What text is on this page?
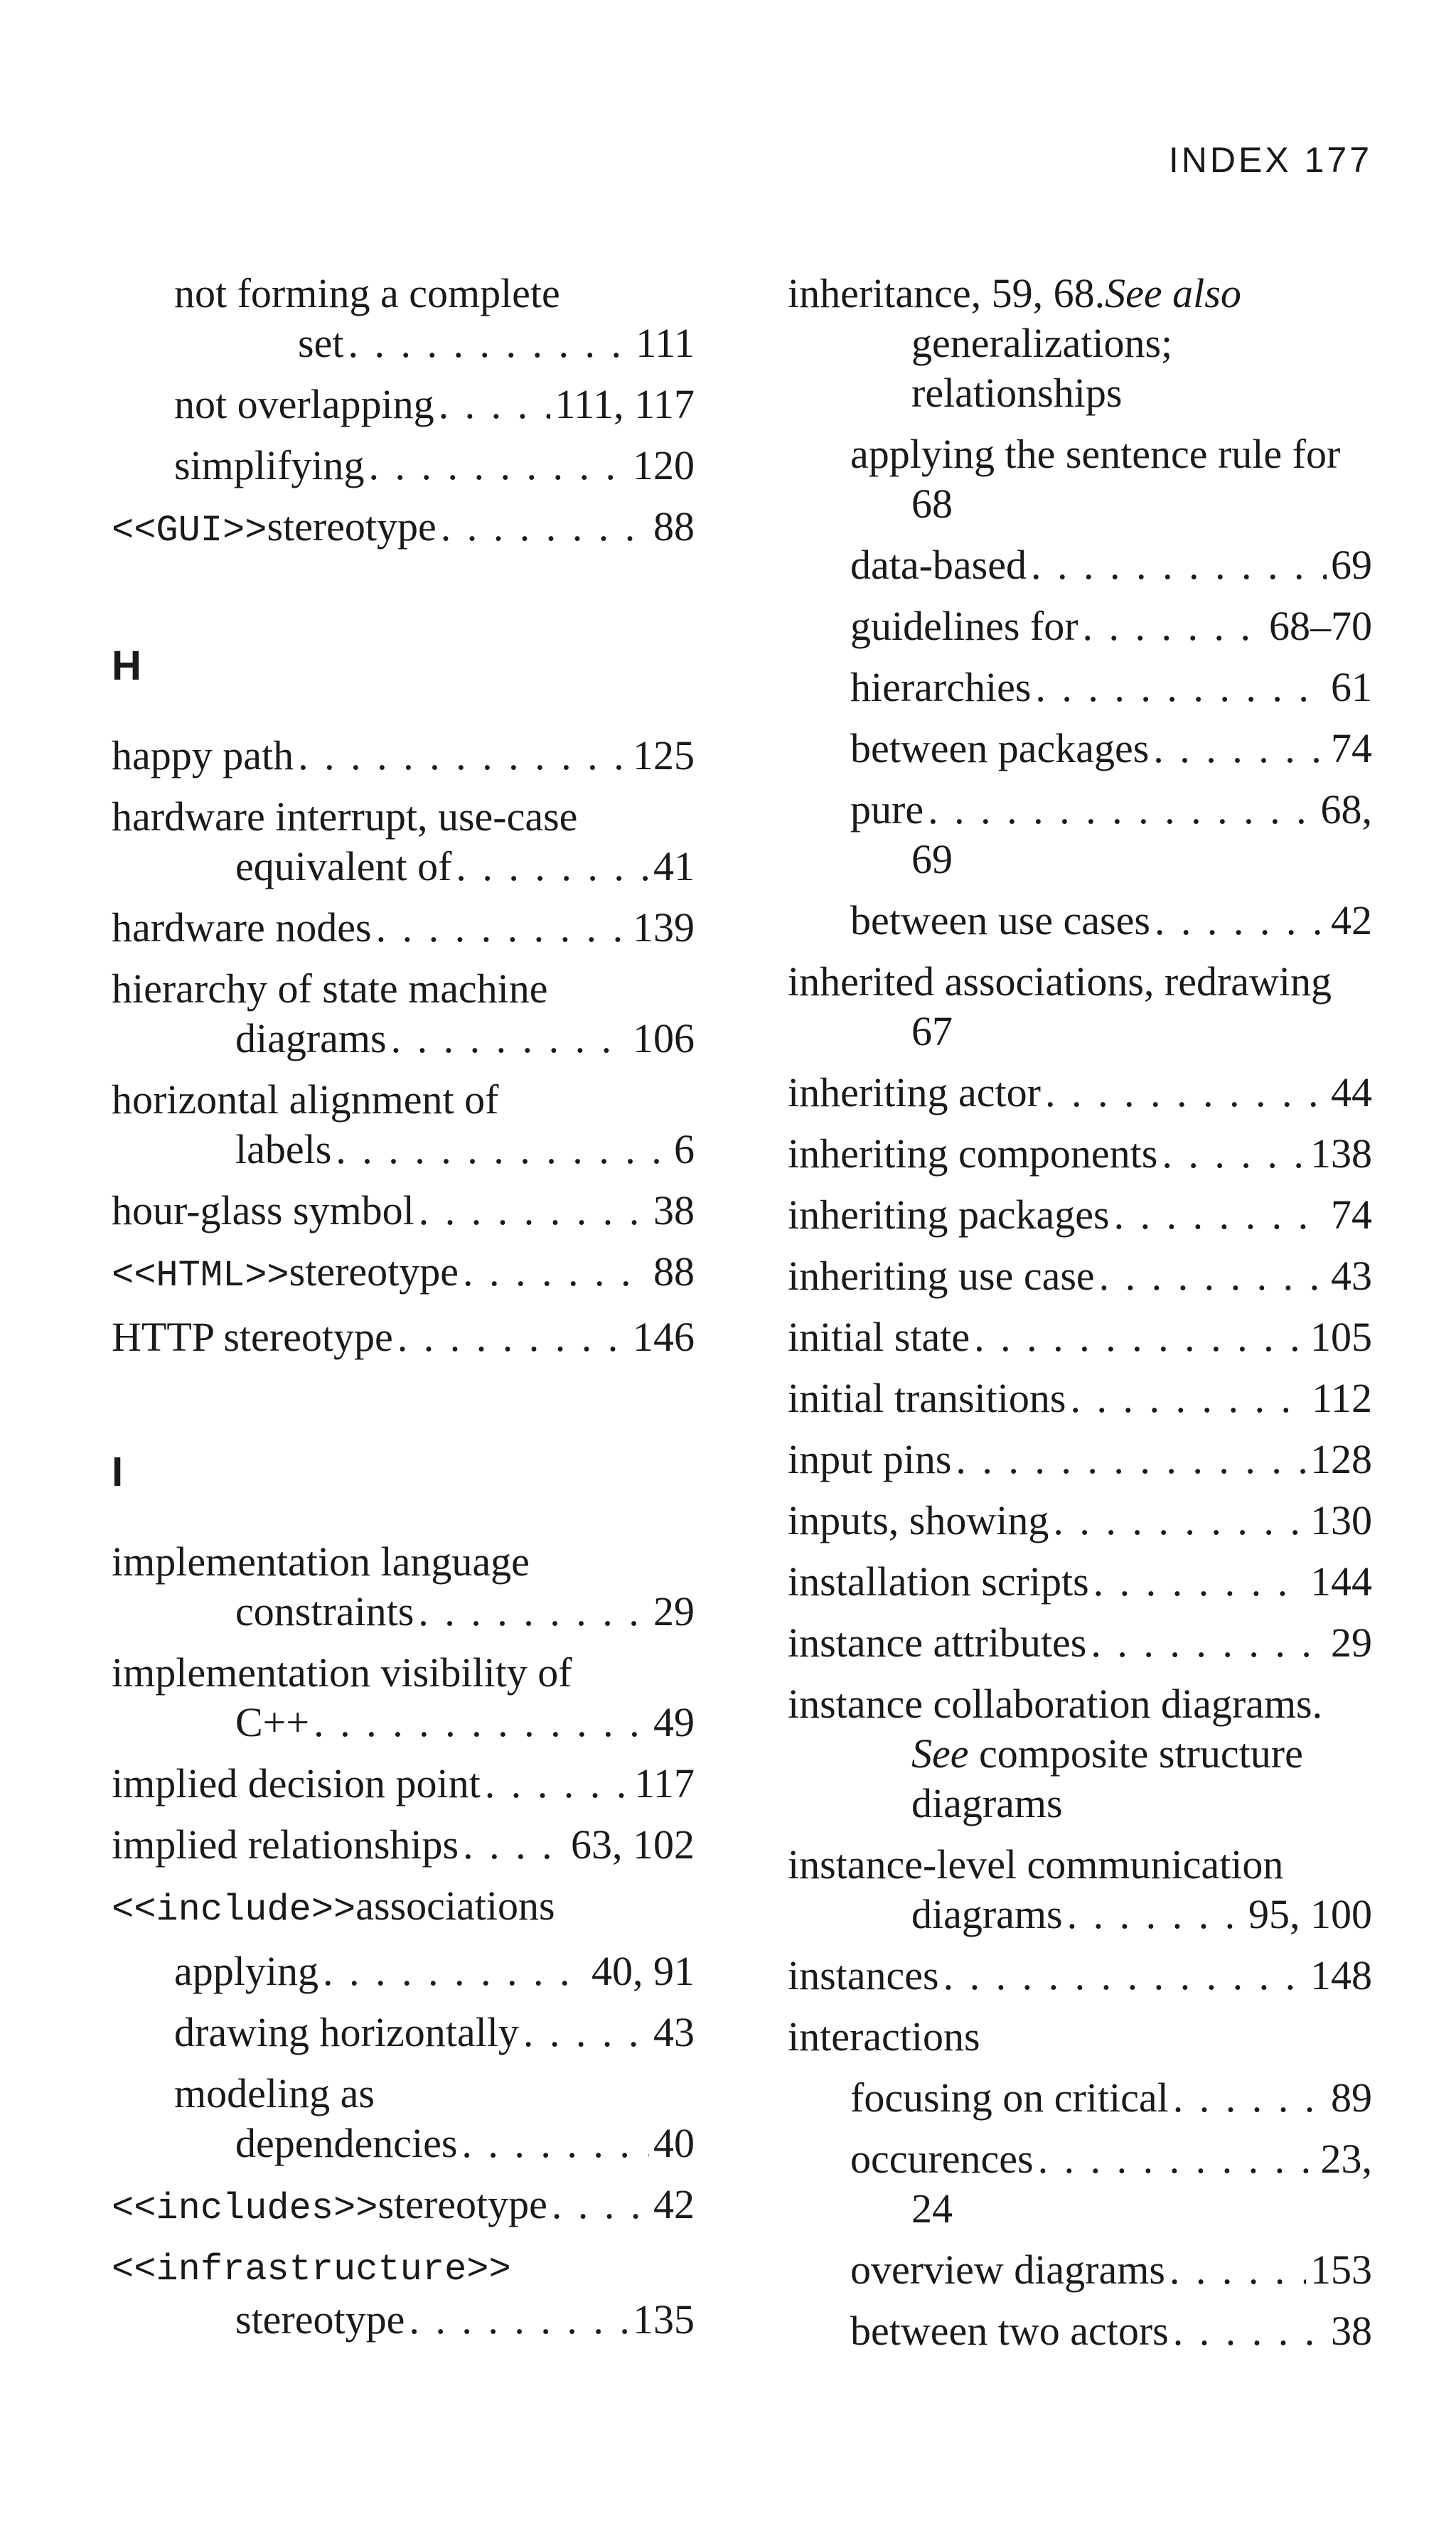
INDEX 177
not forming a complete
set . . .	111
not overlapping . . .	111, 117
simplifying . . .	120
<<GUI>> stereotype . . .	88
H
happy path . . .	125
hardware interrupt, use-case
equivalent of . . .	41
hardware nodes . . .	139
hierarchy of state machine
diagrams . . .	106
horizontal alignment of
labels . . .	6
hour-glass symbol . . .	38
<<HTML>> stereotype . . .	88
HTTP stereotype . . .	146
I
implementation language
constraints . . .	29
implementation visibility of
C++ . . .	49
implied decision point . . .	117
implied relationships . . .	63, 102
<<include>> associations
applying . . .	40, 91
drawing horizontally . . .	43
modeling as
dependencies . . .	40
<<includes>> stereotype . . .	42
<<infrastructure>>
stereotype . . .	135
inheritance, 59, 68. See also
generalizations;
relationships
applying the sentence rule for
68
data-based . . .	69
guidelines for . . .	68–70
hierarchies . . .	61
between packages . . .	74
pure . . .	68,
69
between use cases . . .	42
inherited associations, redrawing
67
inheriting actor . . .	44
inheriting components . . .	138
inheriting packages . . .	74
inheriting use case . . .	43
initial state . . .	105
initial transitions . . .	112
input pins . . .	128
inputs, showing . . .	130
installation scripts . . .	144
instance attributes . . .	29
instance collaboration diagrams.
See composite structure
diagrams
instance-level communication
diagrams . . .	95, 100
instances . . .	148
interactions
focusing on critical . . .	89
occurences . . .	23,
24
overview diagrams . . .	153
between two actors . . .	38
